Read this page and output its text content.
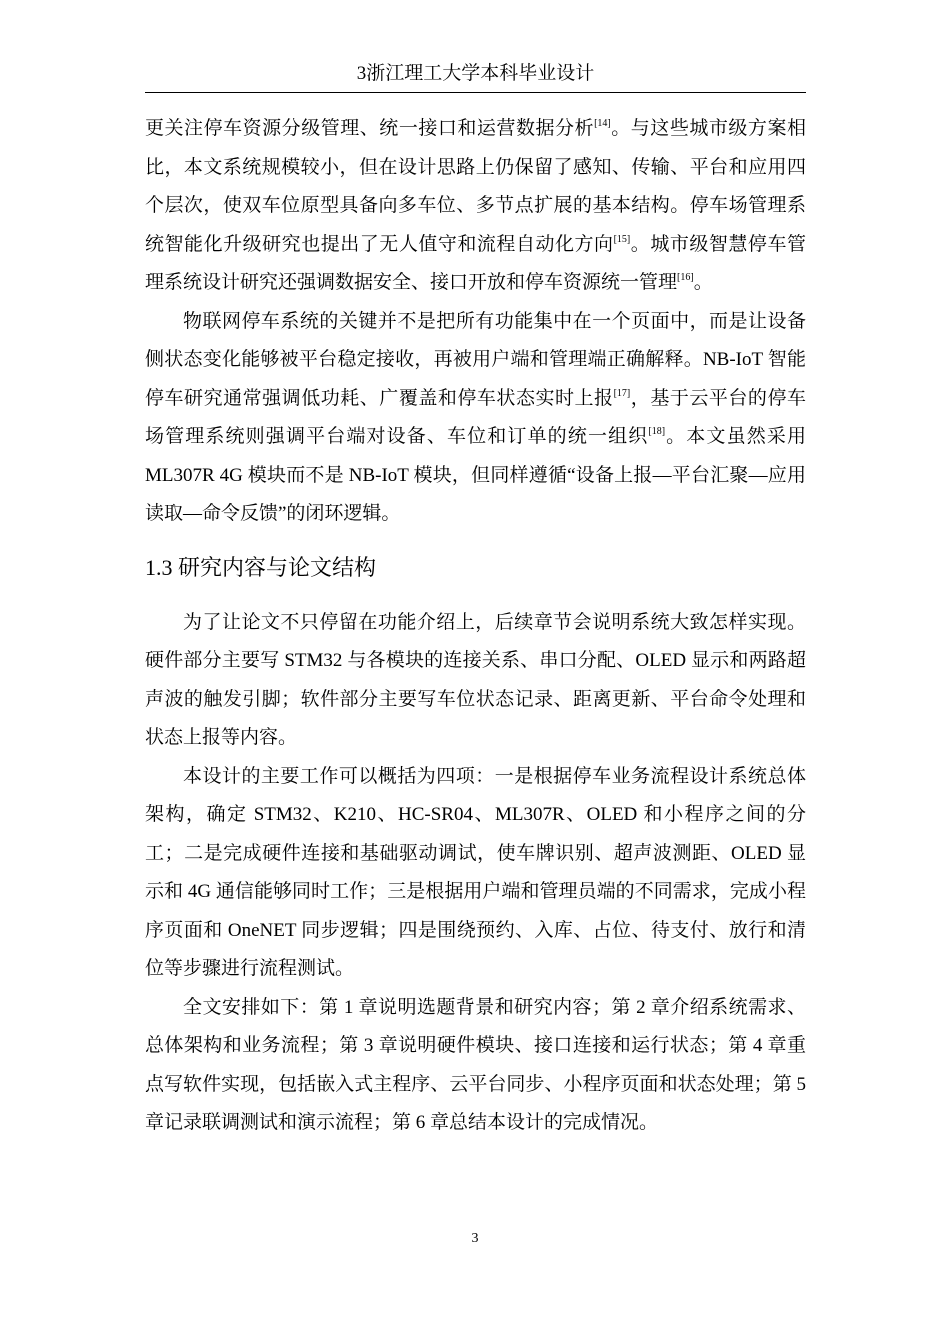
3浙江理工大学本科毕业设计

更关注停车资源分级管理、统一接口和运营数据分析[14]。与这些城市级方案相比，本文系统规模较小，但在设计思路上仍保留了感知、传输、平台和应用四个层次，使双车位原型具备向多车位、多节点扩展的基本结构。停车场管理系统智能化升级研究也提出了无人值守和流程自动化方向[15]。城市级智慧停车管理系统设计研究还强调数据安全、接口开放和停车资源统一管理[16]。

物联网停车系统的关键并不是把所有功能集中在一个页面中，而是让设备侧状态变化能够被平台稳定接收，再被用户端和管理端正确解释。NB-IoT 智能停车研究通常强调低功耗、广覆盖和停车状态实时上报[17]，基于云平台的停车场管理系统则强调平台端对设备、车位和订单的统一组织[18]。本文虽然采用 ML307R 4G 模块而不是 NB-IoT 模块，但同样遵循“设备上报—平台汇聚—应用读取—命令反馈”的闭环逻辑。

1.3 研究内容与论文结构

为了让论文不只停留在功能介绍上，后续章节会说明系统大致怎样实现。硬件部分主要写 STM32 与各模块的连接关系、串口分配、OLED 显示和两路超声波的触发引脚；软件部分主要写车位状态记录、距离更新、平台命令处理和状态上报等内容。

本设计的主要工作可以概括为四项：一是根据停车业务流程设计系统总体架构，确定 STM32、K210、HC-SR04、ML307R、OLED 和小程序之间的分工；二是完成硬件连接和基础驱动调试，使车牌识别、超声波测距、OLED 显示和 4G 通信能够同时工作；三是根据用户端和管理员端的不同需求，完成小程序页面和 OneNET 同步逻辑；四是围绕预约、入库、占位、待支付、放行和清位等步骤进行流程测试。

全文安排如下：第 1 章说明选题背景和研究内容；第 2 章介绍系统需求、总体架构和业务流程；第 3 章说明硬件模块、接口连接和运行状态；第 4 章重点写软件实现，包括嵌入式主程序、云平台同步、小程序页面和状态处理；第 5 章记录联调测试和演示流程；第 6 章总结本设计的完成情况。

3
